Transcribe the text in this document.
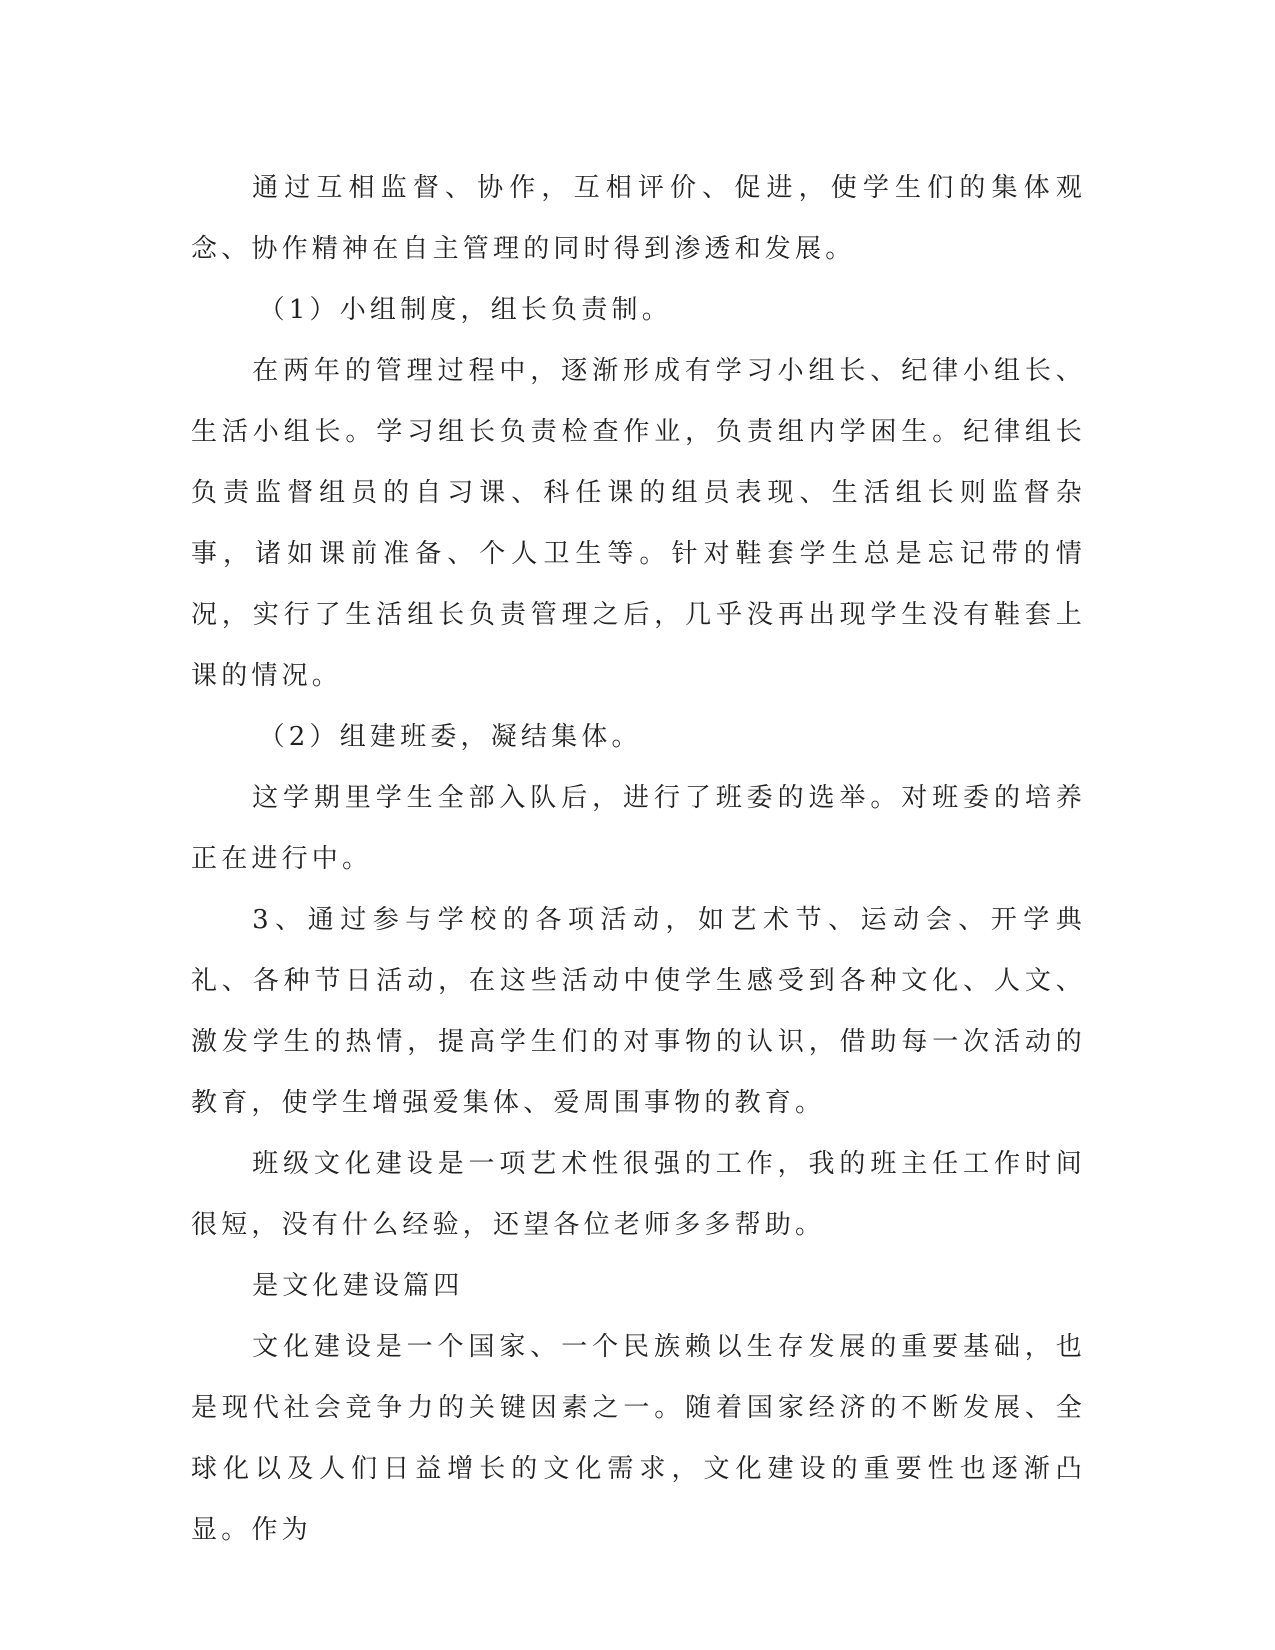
通过互相监督、协作，互相评价、促进，使学生们的集体观念、协作精神在自主管理的同时得到渗透和发展。

（1）小组制度，组长负责制。

在两年的管理过程中，逐渐形成有学习小组长、纪律小组长、生活小组长。学习组长负责检查作业，负责组内学困生。纪律组长负责监督组员的自习课、科任课的组员表现、生活组长则监督杂事，诸如课前准备、个人卫生等。针对鞋套学生总是忘记带的情况，实行了生活组长负责管理之后，几乎没再出现学生没有鞋套上课的情况。

（2）组建班委，凝结集体。

这学期里学生全部入队后，进行了班委的选举。对班委的培养正在进行中。

3、通过参与学校的各项活动，如艺术节、运动会、开学典礼、各种节日活动，在这些活动中使学生感受到各种文化、人文、激发学生的热情，提高学生们的对事物的认识，借助每一次活动的教育，使学生增强爱集体、爱周围事物的教育。

班级文化建设是一项艺术性很强的工作，我的班主任工作时间很短，没有什么经验，还望各位老师多多帮助。

是文化建设篇四

文化建设是一个国家、一个民族赖以生存发展的重要基础，也是现代社会竞争力的关键因素之一。随着国家经济的不断发展、全球化以及人们日益增长的文化需求，文化建设的重要性也逐渐凸显。作为
